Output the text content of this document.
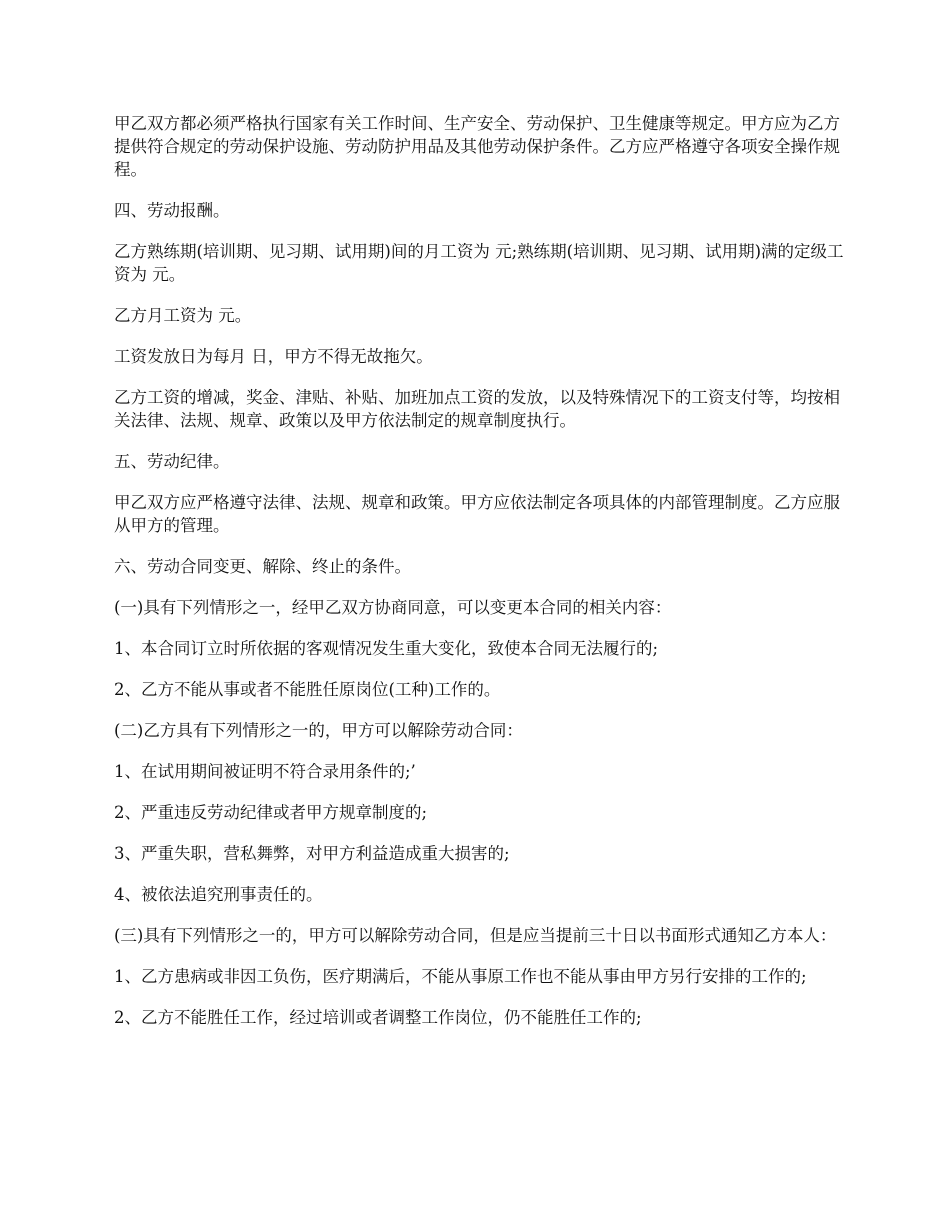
甲乙双方都必须严格执行国家有关工作时间、生产安全、劳动保护、卫生健康等规定。甲方应为乙方提供符合规定的劳动保护设施、劳动防护用品及其他劳动保护条件。乙方应严格遵守各项安全操作规程。

四、劳动报酬。

乙方熟练期(培训期、见习期、试用期)间的月工资为 元;熟练期(培训期、见习期、试用期)满的定级工资为 元。

乙方月工资为 元。

工资发放日为每月 日，甲方不得无故拖欠。

乙方工资的增减，奖金、津贴、补贴、加班加点工资的发放，以及特殊情况下的工资支付等，均按相关法律、法规、规章、政策以及甲方依法制定的规章制度执行。

五、劳动纪律。

甲乙双方应严格遵守法律、法规、规章和政策。甲方应依法制定各项具体的内部管理制度。乙方应服从甲方的管理。

六、劳动合同变更、解除、终止的条件。

(一)具有下列情形之一，经甲乙双方协商同意，可以变更本合同的相关内容：

1、本合同订立时所依据的客观情况发生重大变化，致使本合同无法履行的;

2、乙方不能从事或者不能胜任原岗位(工种)工作的。

(二)乙方具有下列情形之一的，甲方可以解除劳动合同：

1、在试用期间被证明不符合录用条件的;’

2、严重违反劳动纪律或者甲方规章制度的;

3、严重失职，营私舞弊，对甲方利益造成重大损害的;

4、被依法追究刑事责任的。

(三)具有下列情形之一的，甲方可以解除劳动合同，但是应当提前三十日以书面形式通知乙方本人：

1、乙方患病或非因工负伤，医疗期满后，不能从事原工作也不能从事由甲方另行安排的工作的;

2、乙方不能胜任工作，经过培训或者调整工作岗位，仍不能胜任工作的;
